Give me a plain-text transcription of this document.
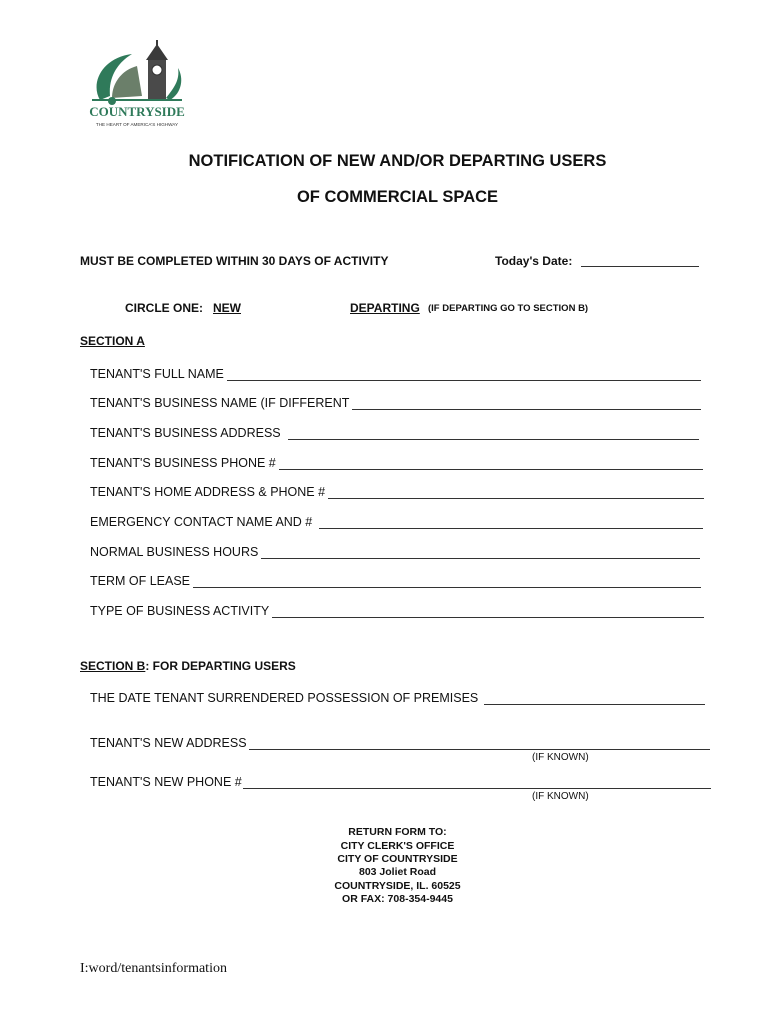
COUNTRYSIDE
THE HEART OF AMERICA'S HIGHWAY
NOTIFICATION OF NEW AND/OR DEPARTING USERS
OF COMMERCIAL SPACE
MUST BE COMPLETED WITHIN 30 DAYS OF ACTIVITY	Today's Date:
CIRCLE ONE: NEW	DEPARTING (IF DEPARTING GO TO SECTION B)
SECTION A
TENANT'S FULL NAME
TENANT'S BUSINESS NAME (IF DIFFERENT
TENANT'S BUSINESS ADDRESS
TENANT'S BUSINESS PHONE #
TENANT'S HOME ADDRESS & PHONE #
EMERGENCY CONTACT NAME AND #
NORMAL BUSINESS HOURS
TERM OF LEASE
TYPE OF BUSINESS ACTIVITY
SECTION B: FOR DEPARTING USERS
THE DATE TENANT SURRENDERED POSSESSION OF PREMISES
TENANT'S NEW ADDRESS
(IF KNOWN)
TENANT'S NEW PHONE #
(IF KNOWN)
RETURN FORM TO:
CITY CLERK'S OFFICE
CITY OF COUNTRYSIDE
803 Joliet Road
COUNTRYSIDE, IL. 60525
OR FAX: 708-354-9445
I:word/tenantsinformation
